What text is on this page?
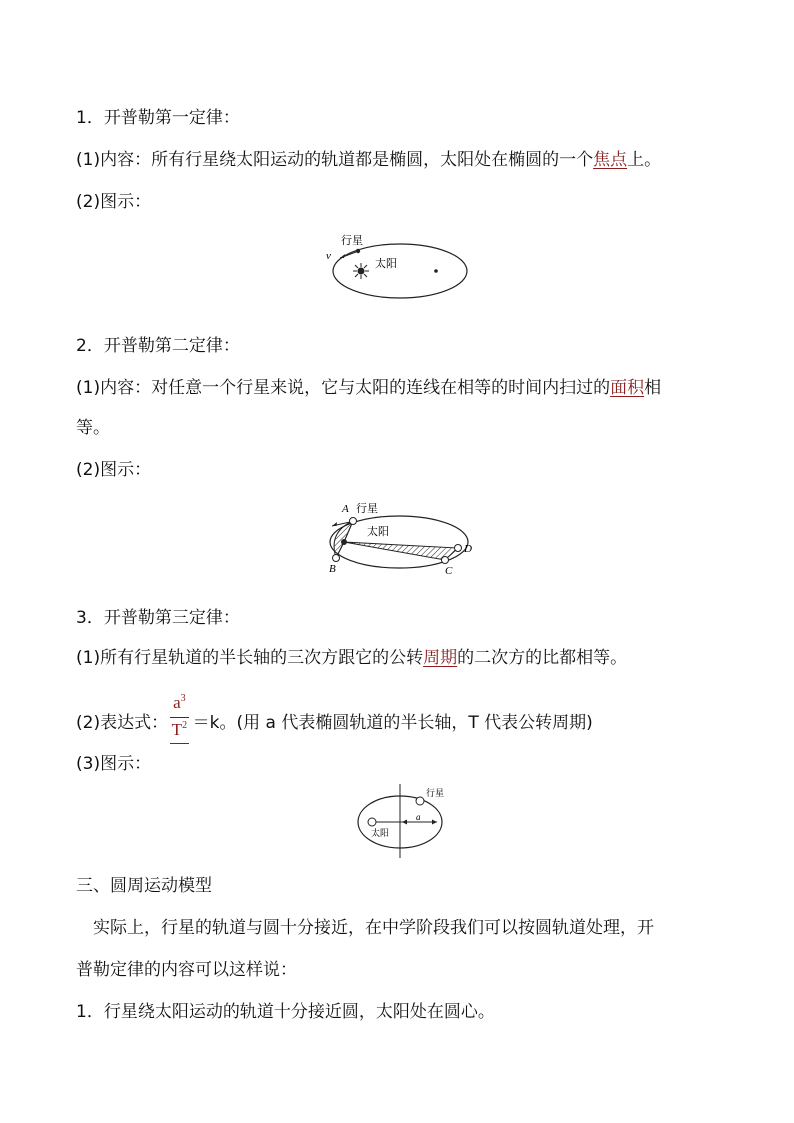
1．开普勒第一定律：
(1)内容：所有行星绕太阳运动的轨道都是椭圆，太阳处在椭圆的一个焦点上。
(2)图示：
行星
太阳
v
2．开普勒第二定律：
(1)内容：对任意一个行星来说，它与太阳的连线在相等的时间内扫过的面积相
等。
(2)图示：
A 行星
太阳
B	C
D
3．开普勒第三定律：
(1)所有行星轨道的半长轴的三次方跟它的公转周期的二次方的比都相等。
(2)表达式： $\frac{a^3}{T^2} =k$。(用 a 代表椭圆轨道的半长轴，T 代表公转周期)
(3)图示：
行星
太阳
a
三、圆周运动模型
　实际上，行星的轨道与圆十分接近，在中学阶段我们可以按圆轨道处理，开
普勒定律的内容可以这样说：
1．行星绕太阳运动的轨道十分接近圆，太阳处在圆心。
